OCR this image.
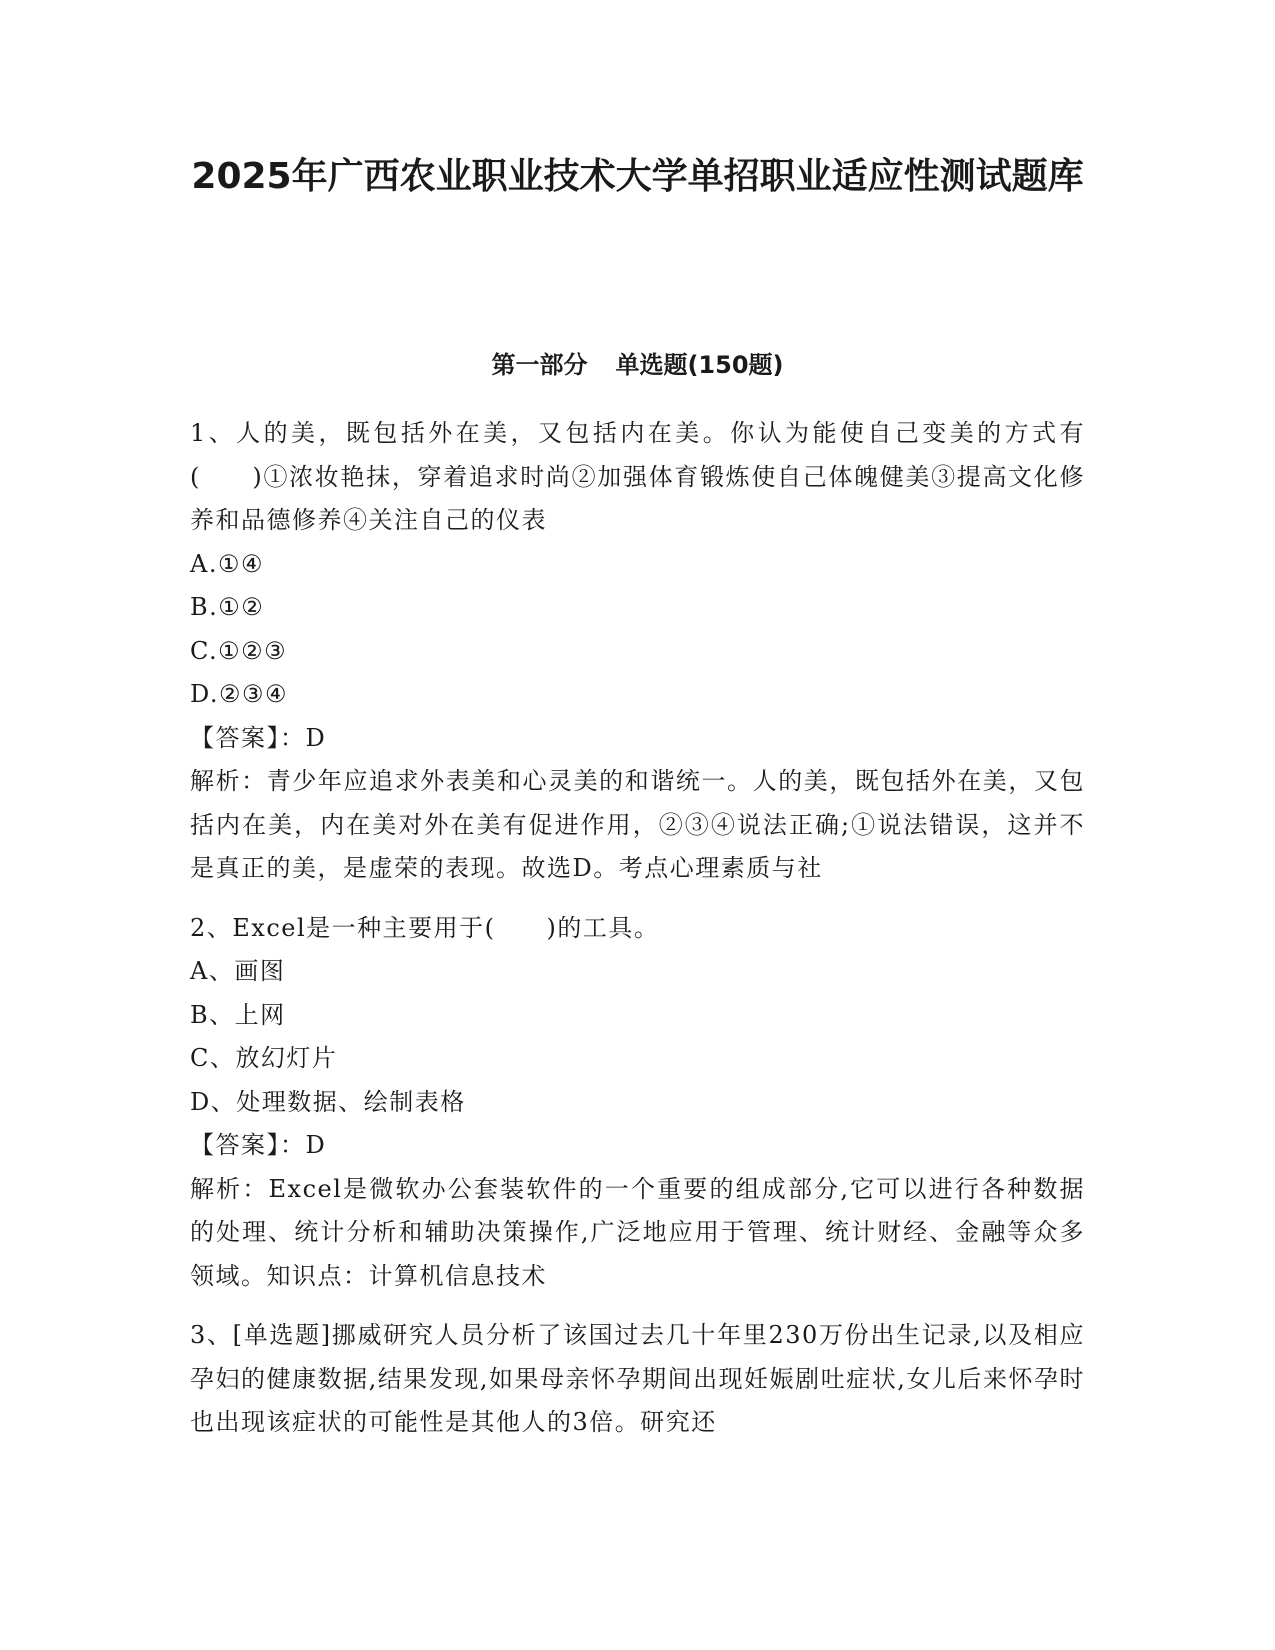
2025年广西农业职业技术大学单招职业适应性测试题库
第一部分 单选题(150题)

1、人的美，既包括外在美，又包括内在美。你认为能使自己变美的方式有(　　)①浓妆艳抹，穿着追求时尚②加强体育锻炼使自己体魄健美③提高文化修养和品德修养④关注自己的仪表

A.①④

B.①②

C.①②③

D.②③④

【答案】：D

解析：青少年应追求外表美和心灵美的和谐统一。人的美，既包括外在美，又包括内在美，内在美对外在美有促进作用，②③④说法正确;①说法错误，这并不是真正的美，是虚荣的表现。故选D。考点心理素质与社

2、Excel是一种主要用于(　　)的工具。

A、画图

B、上网

C、放幻灯片

D、处理数据、绘制表格

【答案】：D

解析：Excel是微软办公套装软件的一个重要的组成部分,它可以进行各种数据的处理、统计分析和辅助决策操作,广泛地应用于管理、统计财经、金融等众多领域。知识点：计算机信息技术

3、[单选题]挪威研究人员分析了该国过去几十年里230万份出生记录,以及相应孕妇的健康数据,结果发现,如果母亲怀孕期间出现妊娠剧吐症状,女儿后来怀孕时也出现该症状的可能性是其他人的3倍。研究还
